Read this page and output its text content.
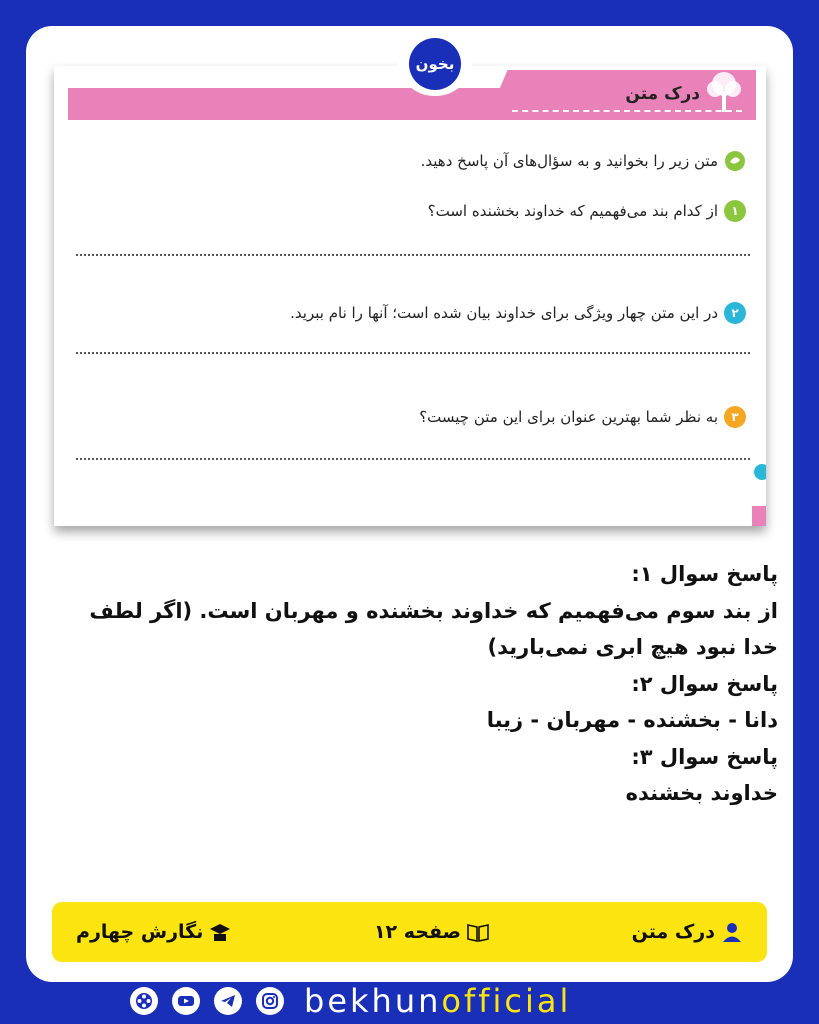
بخون
درک متن
متن زیر را بخوانید و به سؤال‌های آن پاسخ دهید.
۱
از کدام بند می‌فهمیم که خداوند بخشنده است؟
۲
در این متن چهار ویژگی برای خداوند بیان شده است؛ آنها را نام ببرید.
۳
به نظر شما بهترین عنوان برای این متن چیست؟
پاسخ سوال ۱:
از بند سوم می‌فهمیم که خداوند بخشنده و مهربان است. (اگر لطف خدا نبود هیچ ابری نمی‌بارید)
پاسخ سوال ۲:
دانا - بخشنده - مهربان - زیبا
پاسخ سوال ۳:
خداوند بخشنده
درک متن
صفحه ۱۲
نگارش چهارم
bekhunofficial
